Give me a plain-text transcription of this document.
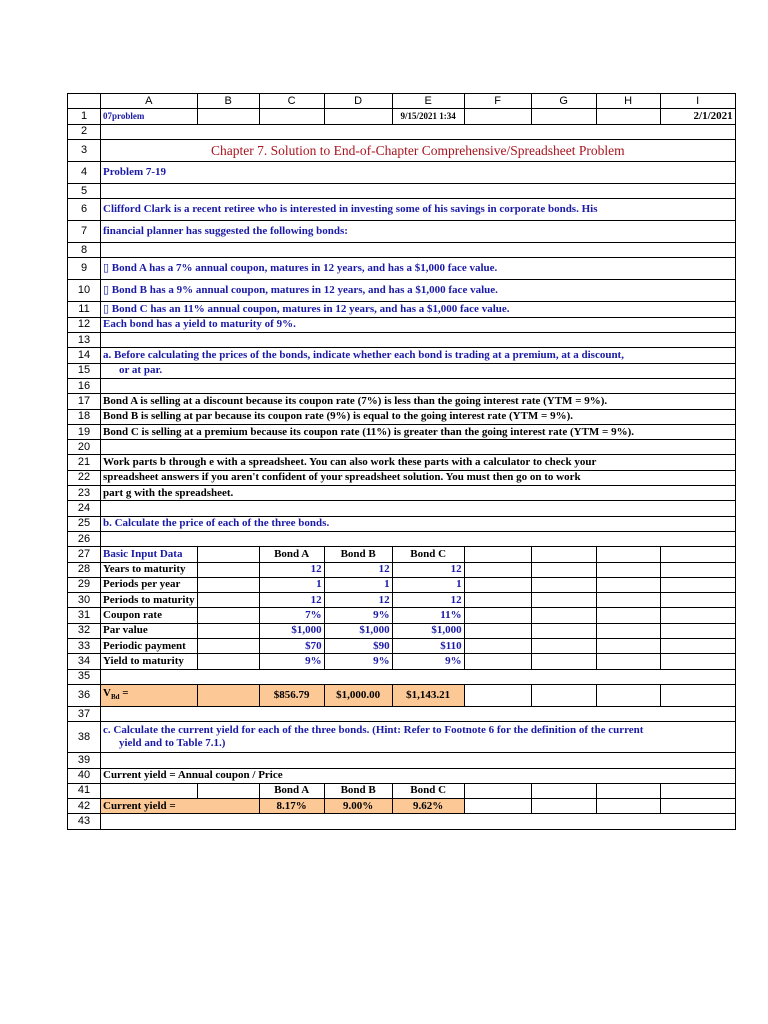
	A	B	C	D	E	F	G	H	I
1	07problem				9/15/2021 1:34				2/1/2021
2									
3	Chapter 7. Solution to End-of-Chapter Comprehensive/Spreadsheet Problem								
4	Problem 7-19								
5									
6	Clifford Clark is a recent retiree who is interested in investing some of his savings in corporate bonds. His								
7	financial planner has suggested the following bonds:								
8									
9	▯ Bond A has a 7% annual coupon, matures in 12 years, and has a $1,000 face value.								
10	▯ Bond B has a 9% annual coupon, matures in 12 years, and has a $1,000 face value.								
11	▯ Bond C has an 11% annual coupon, matures in 12 years, and has a $1,000 face value.								
12	Each bond has a yield to maturity of 9%.								
13									
14	a. Before calculating the prices of the bonds, indicate whether each bond is trading at a premium, at a discount,								
15	or at par.								
16									
17	Bond A is selling at a discount because its coupon rate (7%) is less than the going interest rate (YTM = 9%).								
18	Bond B is selling at par because its coupon rate (9%) is equal to the going interest rate (YTM = 9%).								
19	Bond C is selling at a premium because its coupon rate (11%) is greater than the going interest rate (YTM = 9%).								
20									
21	Work parts b through e with a spreadsheet. You can also work these parts with a calculator to check your								
22	spreadsheet answers if you aren't confident of your spreadsheet solution. You must then go on to work								
23	part g with the spreadsheet.								
24									
25	b. Calculate the price of each of the three bonds.								
26									
27	Basic Input Data		Bond A	Bond B	Bond C				
28	Years to maturity		12	12	12				
29	Periods per year		1	1	1				
30	Periods to maturity		12	12	12				
31	Coupon rate		7%	9%	11%				
32	Par value		$1,000	$1,000	$1,000				
33	Periodic payment		$70	$90	$110				
34	Yield to maturity		9%	9%	9%				
35									
36	$V_{Bd}$ =		$856.79	$1,000.00	$1,143.21				
37									
38	c. Calculate the current yield for each of the three bonds. (Hint: Refer to Footnote 6 for the definition of the current
yield and to Table 7.1.)								

39									
40	Current yield = Annual coupon / Price								
41			Bond A	Bond B	Bond C				
42	Current yield =		8.17%	9.00%	9.62%				
43									
